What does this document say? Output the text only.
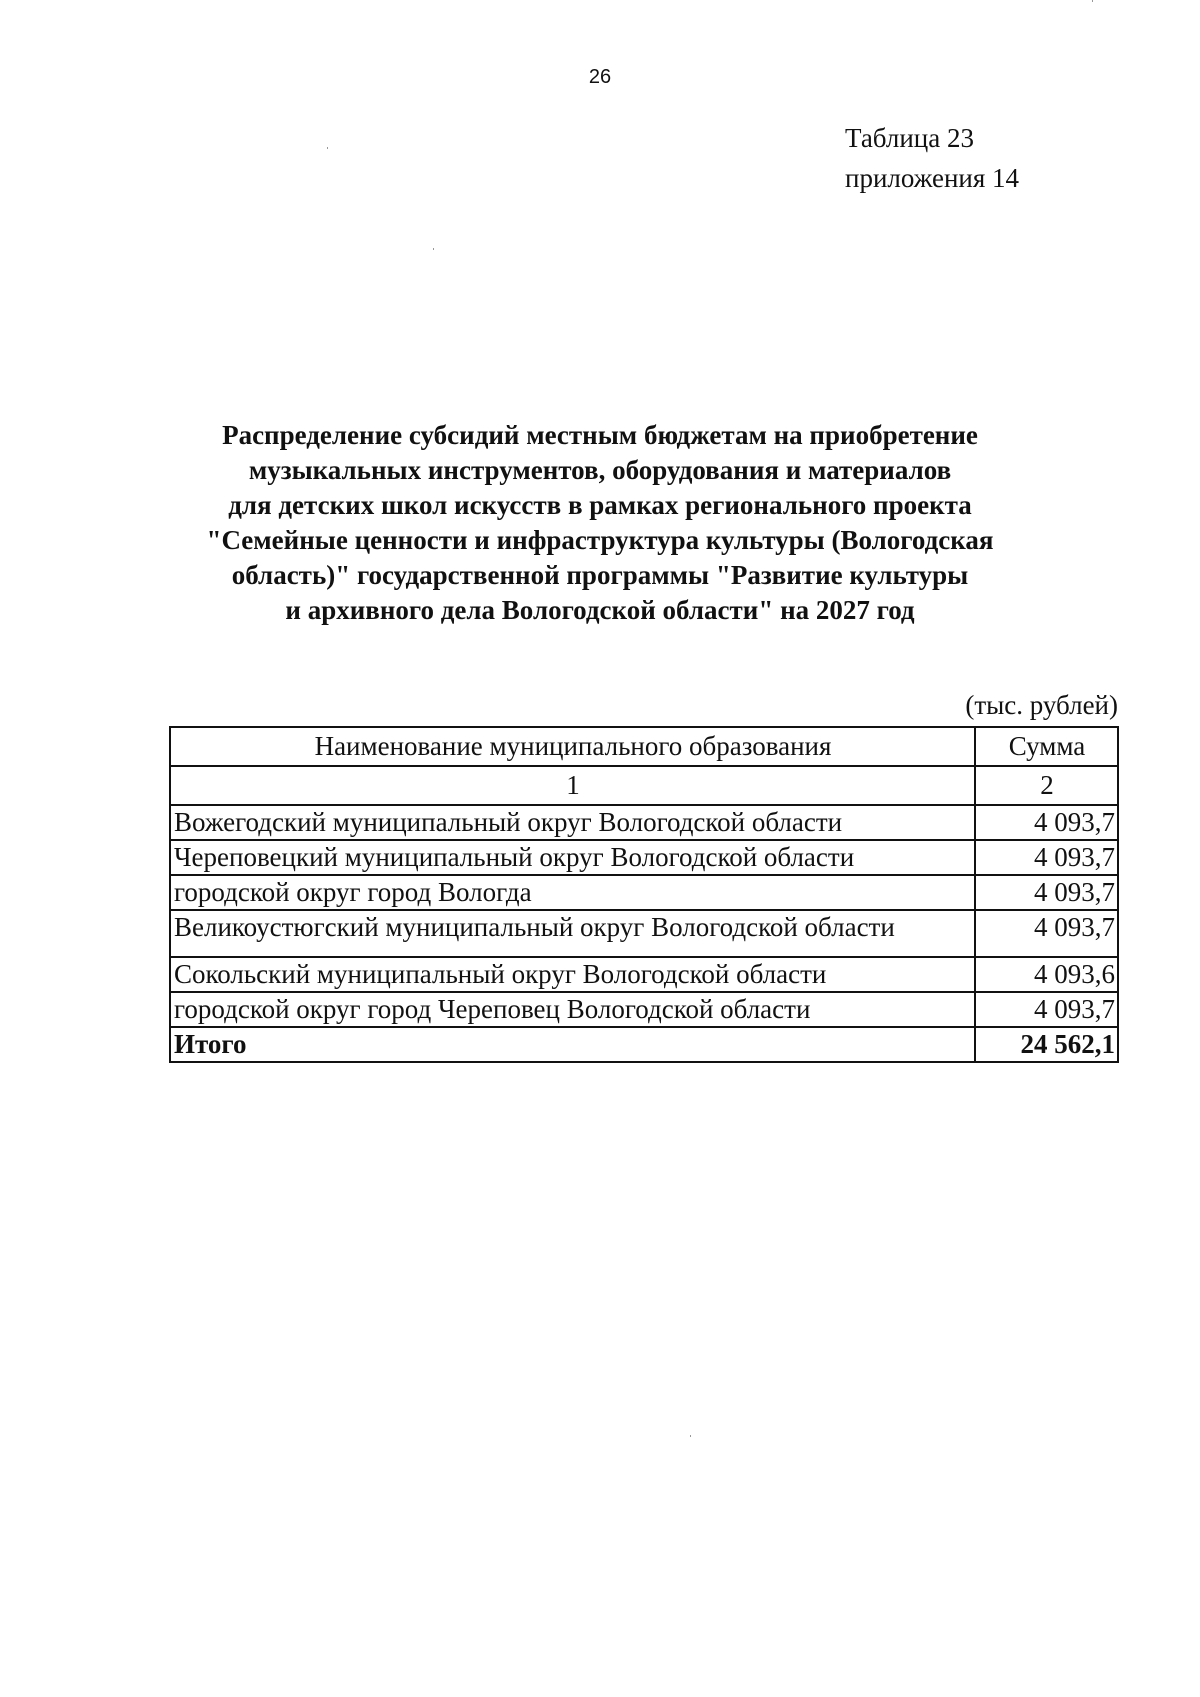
26
Таблица 23
приложения 14
Распределение субсидий местным бюджетам на приобретение
музыкальных инструментов, оборудования и материалов
для детских школ искусств в рамках регионального проекта
"Семейные ценности и инфраструктура культуры (Вологодская
область)" государственной программы "Развитие культуры
и архивного дела Вологодской области" на 2027 год
(тыс. рублей)
Наименование муниципального образования	Сумма
1	2
Вожегодский муниципальный округ Вологодской области	4 093,7
Череповецкий муниципальный округ Вологодской области	4 093,7
городской округ город Вологда	4 093,7
Великоустюгский муниципальный округ Вологодской области	4 093,7
Сокольский муниципальный округ Вологодской области	4 093,6
городской округ город Череповец Вологодской области	4 093,7
Итого	24 562,1
